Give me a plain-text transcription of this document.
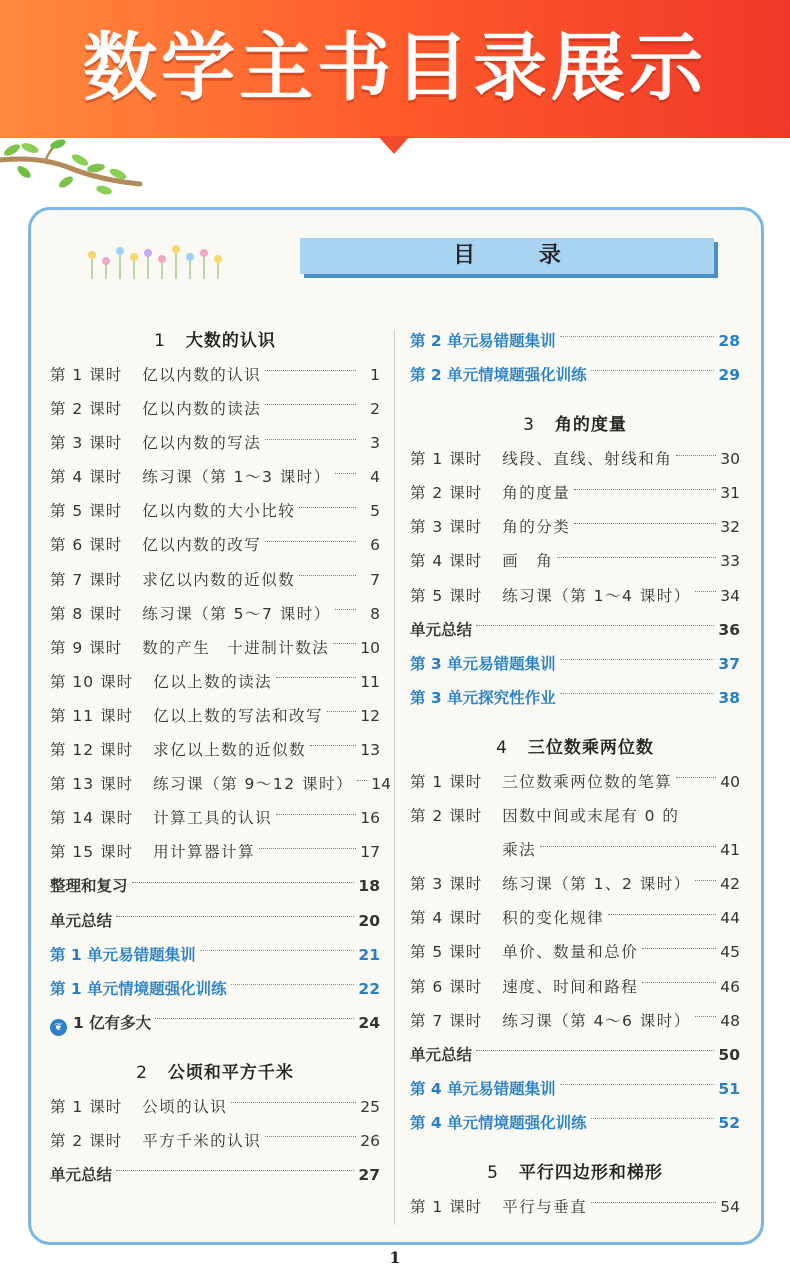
数学主书目录展示
目 录
1 大数的认识
第 1 课时 亿以内数的认识	1
第 2 课时 亿以内数的读法	2
第 3 课时 亿以内数的写法	3
第 4 课时 练习课（第 1～3 课时）	4
第 5 课时 亿以内数的大小比较	5
第 6 课时 亿以内数的改写	6
第 7 课时 求亿以内数的近似数	7
第 8 课时 练习课（第 5～7 课时）	8
第 9 课时 数的产生　十进制计数法 10
第 10 课时 亿以上数的读法	11
第 11 课时 亿以上数的写法和改写 12
第 12 课时 求亿以上数的近似数	13
第 13 课时 练习课（第 9～12 课时） 14
第 14 课时 计算工具的认识	16
第 15 课时 用计算器计算	17
整理和复习	18
单元总结	20
第 1 单元易错题集训	21
第 1 单元情境题强化训练	22
❦ 1 亿有多大	24
2 公顷和平方千米
第 1 课时 公顷的认识	25
第 2 课时 平方千米的认识	26
单元总结	27
第 2 单元易错题集训	28
第 2 单元情境题强化训练	29
3 角的度量
第 1 课时 线段、直线、射线和角	30
第 2 课时 角的度量	31
第 3 课时 角的分类	32
第 4 课时 画　角	33
第 5 课时 练习课（第 1～4 课时） 34
单元总结	36
第 3 单元易错题集训	37
第 3 单元探究性作业	38
4 三位数乘两位数
第 1 课时 三位数乘两位数的笔算	40
第 2 课时 因数中间或末尾有 0 的
乘法	41
第 3 课时 练习课（第 1、2 课时） 42
第 4 课时 积的变化规律	44
第 5 课时 单价、数量和总价	45
第 6 课时 速度、时间和路程	46
第 7 课时 练习课（第 4～6 课时） 48
单元总结	50
第 4 单元易错题集训	51
第 4 单元情境题强化训练	52
5 平行四边形和梯形
第 1 课时 平行与垂直	54
1
